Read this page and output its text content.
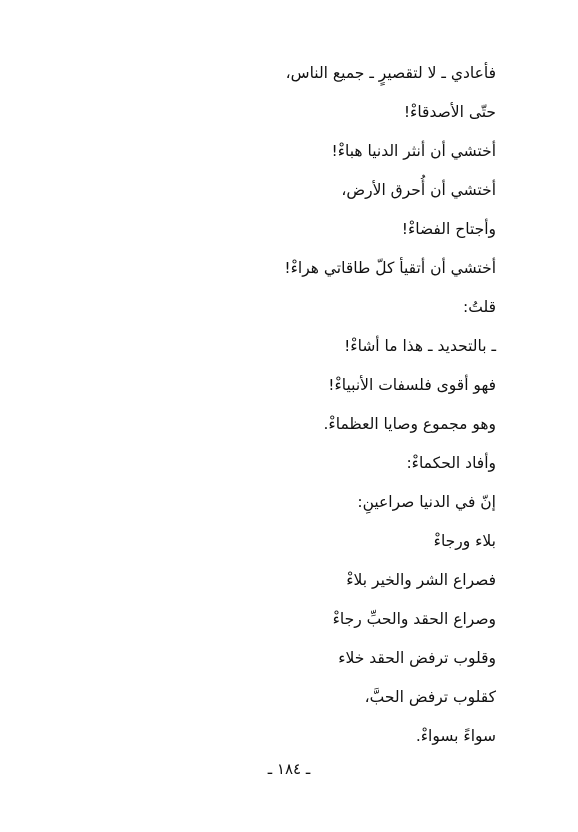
فأعادي ـ لا لتقصيرٍ ـ جميع الناس،
حتّى الأصدقاءْ!
أختشي أن أنثر الدنيا هباءْ!
أختشي أن أُحرق الأرض،
وأجتاح الفضاءْ!
أختشي أن أتقيأ كلّ طاقاتي هراءْ!
قلتُ:
ـ بالتحديد ـ هذا ما أشاءْ!
فهو أقوى فلسفات الأنبياءْ!
وهو مجموع وصايا العظماءْ.
وأفاد الحكماءْ:
إنّ في الدنيا صراعينِ:
بلاء ورجاءْ
فصراع الشر والخير بلاءْ
وصراع الحقد والحبِّ رجاءْ
وقلوب ترفض الحقد خلاء
كقلوب ترفض الحبَّ،
سواءً بسواءْ.
ـ ١٨٤ ـ
